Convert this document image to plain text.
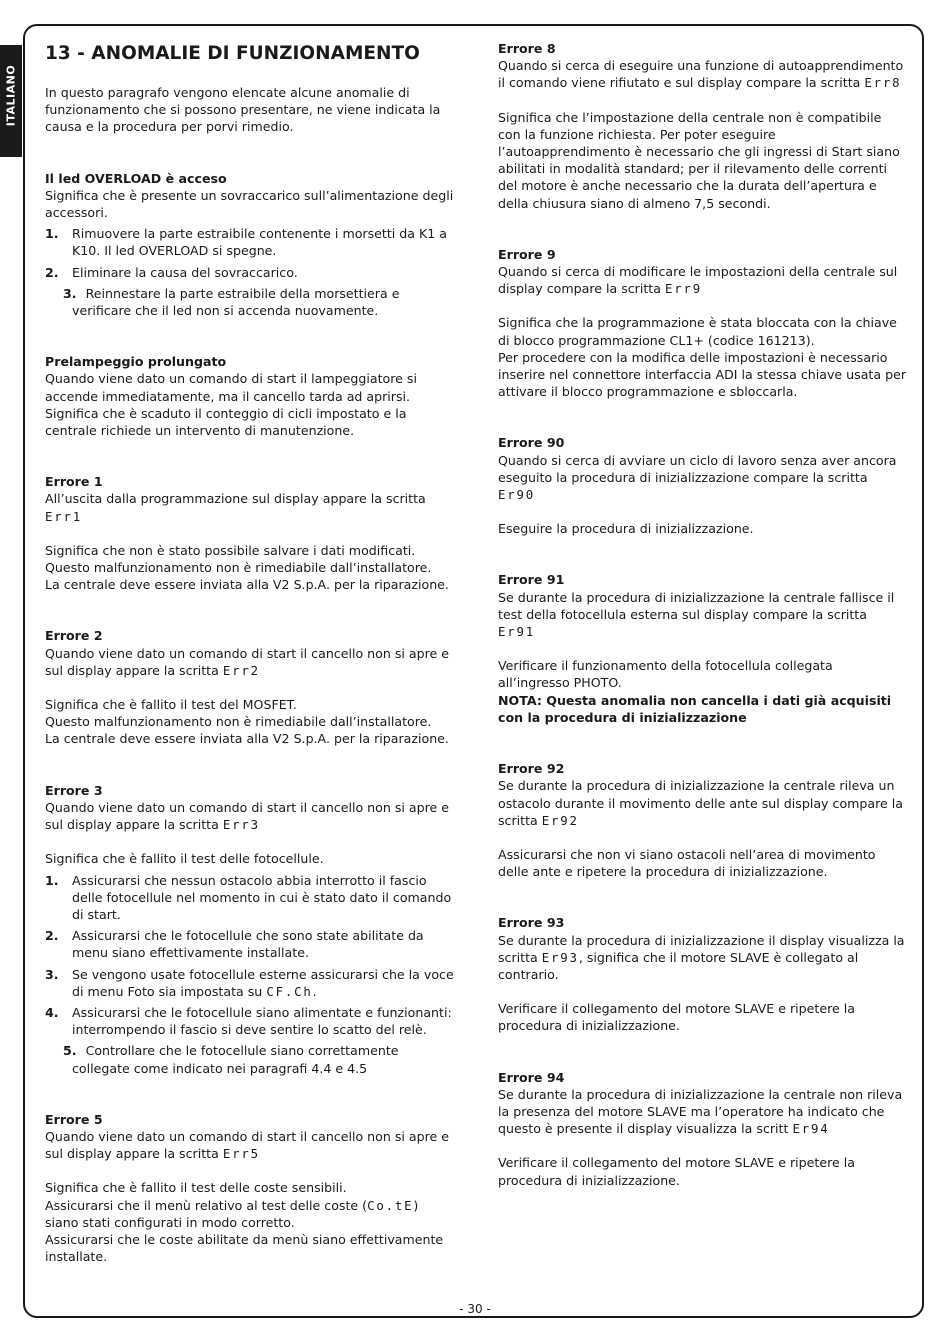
ITALIANO
13 - ANOMALIE DI FUNZIONAMENTO

In questo paragrafo vengono elencate alcune anomalie di funzionamento che si possono presentare, ne viene indicata la causa e la procedura per porvi rimedio.

Il led OVERLOAD è acceso

Significa che è presente un sovraccarico sull’alimentazione degli accessori.

1. Rimuovere la parte estraibile contenente i morsetti da K1 a K10. Il led OVERLOAD si spegne.
2. Eliminare la causa del sovraccarico.
3. Reinnestare la parte estraibile della morsettiera e verificare che il led non si accenda nuovamente.

Prelampeggio prolungato

Quando viene dato un comando di start il lampeggiatore si accende immediatamente, ma il cancello tarda ad aprirsi. Significa che è scaduto il conteggio di cicli impostato e la centrale richiede un intervento di manutenzione.

Errore 1

All’uscita dalla programmazione sul display appare la scritta Err1

Significa che non è stato possibile salvare i dati modificati.

Questo malfunzionamento non è rimediabile dall’installatore.

La centrale deve essere inviata alla V2 S.p.A. per la riparazione.

Errore 2

Quando viene dato un comando di start il cancello non si apre e sul display appare la scritta Err2

Significa che è fallito il test del MOSFET.

Questo malfunzionamento non è rimediabile dall’installatore.

La centrale deve essere inviata alla V2 S.p.A. per la riparazione.

Errore 3

Quando viene dato un comando di start il cancello non si apre e sul display appare la scritta Err3

Significa che è fallito il test delle fotocellule.

1. Assicurarsi che nessun ostacolo abbia interrotto il fascio delle fotocellule nel momento in cui è stato dato il comando di start.
2. Assicurarsi che le fotocellule che sono state abilitate da menu siano effettivamente installate.
3. Se vengono usate fotocellule esterne assicurarsi che la voce di menu Foto sia impostata su CF.Ch.
4. Assicurarsi che le fotocellule siano alimentate e funzionanti: interrompendo il fascio si deve sentire lo scatto del relè.
5. Controllare che le fotocellule siano correttamente collegate come indicato nei paragrafi 4.4 e 4.5

Errore 5

Quando viene dato un comando di start il cancello non si apre e sul display appare la scritta Err5

Significa che è fallito il test delle coste sensibili.

Assicurarsi che il menù relativo al test delle coste (Co.tE) siano stati configurati in modo corretto.

Assicurarsi che le coste abilitate da menù siano effettivamente installate.

Errore 8

Quando si cerca di eseguire una funzione di autoapprendimento il comando viene rifiutato e sul display compare la scritta Err8

Significa che l’impostazione della centrale non è compatibile con la funzione richiesta. Per poter eseguire l’autoapprendimento è necessario che gli ingressi di Start siano abilitati in modalità standard; per il rilevamento delle correnti del motore è anche necessario che la durata dell’apertura e della chiusura siano di almeno 7,5 secondi.

Errore 9

Quando si cerca di modificare le impostazioni della centrale sul display compare la scritta Err9

Significa che la programmazione è stata bloccata con la chiave di blocco programmazione CL1+ (codice 161213).

Per procedere con la modifica delle impostazioni è necessario inserire nel connettore interfaccia ADI la stessa chiave usata per attivare il blocco programmazione e sbloccarla.

Errore 90

Quando si cerca di avviare un ciclo di lavoro senza aver ancora eseguito la procedura di inizializzazione compare la scritta Er90

Eseguire la procedura di inizializzazione.

Errore 91

Se durante la procedura di inizializzazione la centrale fallisce il test della fotocellula esterna sul display compare la scritta Er91

Verificare il funzionamento della fotocellula collegata all’ingresso PHOTO.

NOTA: Questa anomalia non cancella i dati già acquisiti con la procedura di inizializzazione

Errore 92

Se durante la procedura di inizializzazione la centrale rileva un ostacolo durante il movimento delle ante sul display compare la scritta Er92

Assicurarsi che non vi siano ostacoli nell’area di movimento delle ante e ripetere la procedura di inizializzazione.

Errore 93

Se durante la procedura di inizializzazione il display visualizza la scritta Er93, significa che il motore SLAVE è collegato al contrario.

Verificare il collegamento del motore SLAVE e ripetere la procedura di inizializzazione.

Errore 94

Se durante la procedura di inizializzazione la centrale non rileva la presenza del motore SLAVE ma l’operatore ha indicato che questo è presente il display visualizza la scritt Er94

Verificare il collegamento del motore SLAVE e ripetere la procedura di inizializzazione.

- 30 -
